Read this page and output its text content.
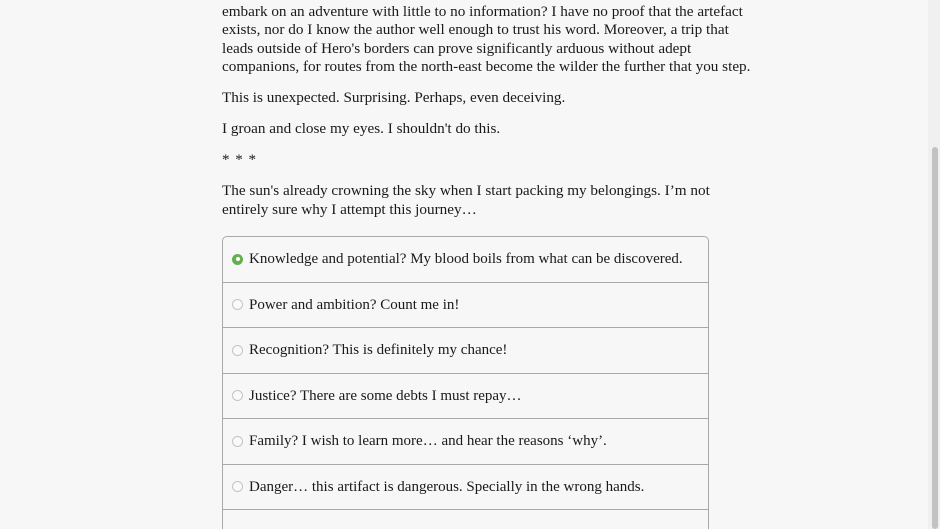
embark on an adventure with little to no information? I have no proof that the artefact
exists, nor do I know the author well enough to trust his word. Moreover, a trip that
leads outside of Hero's borders can prove significantly arduous without adept
companions, for routes from the north-east become the wilder the further that you step.

This is unexpected. Surprising. Perhaps, even deceiving.

I groan and close my eyes. I shouldn't do this.

* * *

The sun's already crowning the sky when I start packing my belongings. I’m not
entirely sure why I attempt this journey…

Knowledge and potential? My blood boils from what can be discovered.
Power and ambition? Count me in!
Recognition? This is definitely my chance!
Justice? There are some debts I must repay…
Family? I wish to learn more… and hear the reasons ‘why’.
Danger… this artifact is dangerous. Specially in the wrong hands.
